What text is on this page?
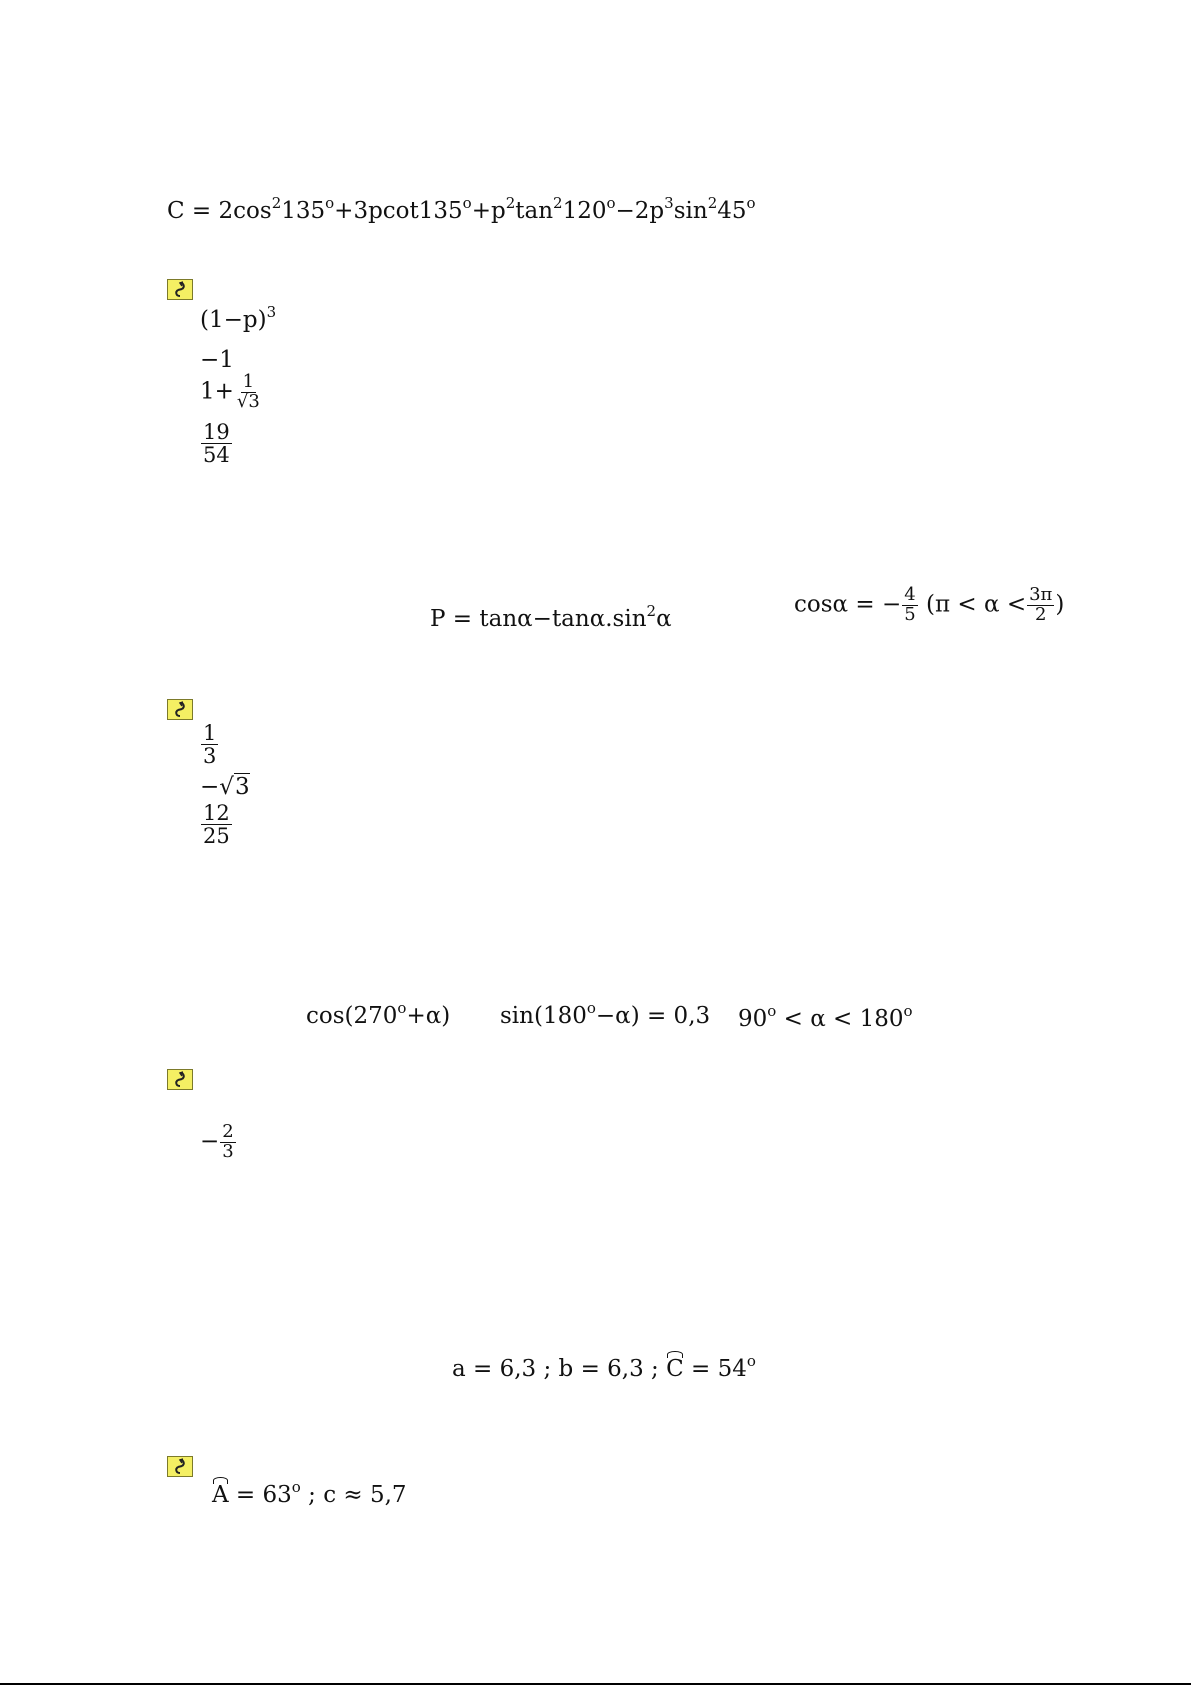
$C = 2\cos^2135^o+3pcot135^o+p^2\tan^2120^o-2p^3\sin^245^o$
$(1-p)^3$
−1
$1+ \frac{1}{√3}$
$\frac{19}{54}$
$P = \tan\alpha-\tan\alpha.\sin^2\alpha$
cosα = − $\frac{4}{5} (\pi < \alpha < \frac{3\pi}{2}$ )
$\frac{1}{3}$
−√3
$\frac{12}{25}$
$\cos(270^o+\alpha) \sin(180^o-\alpha) = 0,3$ $90^o < \alpha < 180^o$
− $\frac{2}{3}$
a = 6,3 ; b = 6,3 ; $C = 54^o$
$A = 63^o$ ; c ≈ 5,7
